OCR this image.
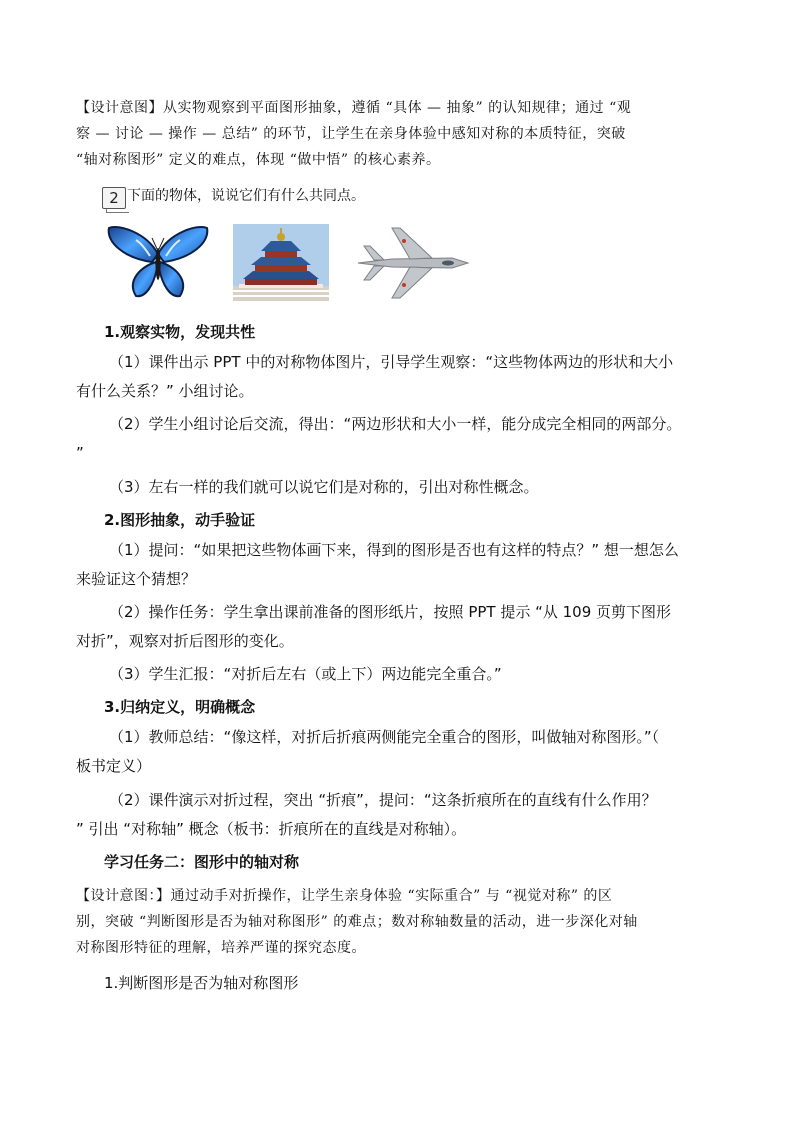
【设计意图】从实物观察到平面图形抽象，遵循 “具体 — 抽象” 的认知规律；通过 “观
察 — 讨论 — 操作 — 总结” 的环节，让学生在亲身体验中感知对称的本质特征，突破
“轴对称图形” 定义的难点，体现 “做中悟” 的核心素养。
2 下面的物体，说说它们有什么共同点。
1.观察实物，发现共性
（1）课件出示 PPT 中的对称物体图片，引导学生观察：“这些物体两边的形状和大小
有什么关系？” 小组讨论。
（2）学生小组讨论后交流，得出：“两边形状和大小一样，能分成完全相同的两部分。
”
（3）左右一样的我们就可以说它们是对称的，引出对称性概念。
2.图形抽象，动手验证
（1）提问：“如果把这些物体画下来，得到的图形是否也有这样的特点？” 想一想怎么
来验证这个猜想？
（2）操作任务：学生拿出课前准备的图形纸片，按照 PPT 提示 “从 109 页剪下图形
对折”，观察对折后图形的变化。
（3）学生汇报：“对折后左右（或上下）两边能完全重合。”
3.归纳定义，明确概念
（1）教师总结：“像这样，对折后折痕两侧能完全重合的图形，叫做轴对称图形。”（
板书定义）
（2）课件演示对折过程，突出 “折痕”，提问：“这条折痕所在的直线有什么作用？
” 引出 “对称轴” 概念（板书：折痕所在的直线是对称轴）。
学习任务二：图形中的轴对称
【设计意图：】通过动手对折操作，让学生亲身体验 “实际重合” 与 “视觉对称” 的区
别，突破 “判断图形是否为轴对称图形” 的难点；数对称轴数量的活动，进一步深化对轴
对称图形特征的理解，培养严谨的探究态度。
1.判断图形是否为轴对称图形
